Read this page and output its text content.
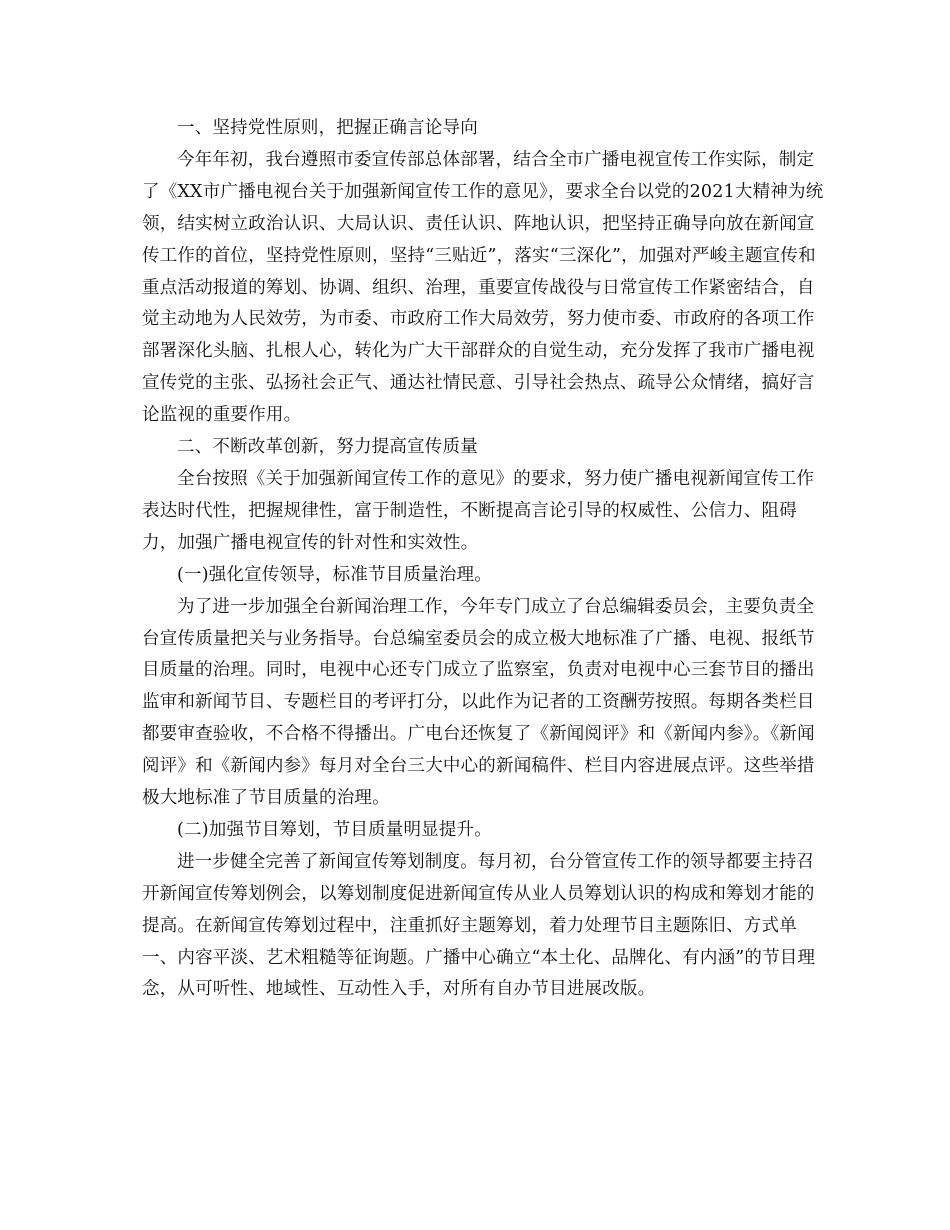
一、坚持党性原则，把握正确言论导向

今年年初，我台遵照市委宣传部总体部署，结合全市广播电视宣传工作实际，制定了《XX市广播电视台关于加强新闻宣传工作的意见》，要求全台以党的2021大精神为统领，结实树立政治认识、大局认识、责任认识、阵地认识，把坚持正确导向放在新闻宣传工作的首位，坚持党性原则，坚持“三贴近”，落实“三深化”，加强对严峻主题宣传和重点活动报道的筹划、协调、组织、治理，重要宣传战役与日常宣传工作紧密结合，自觉主动地为人民效劳，为市委、市政府工作大局效劳，努力使市委、市政府的各项工作部署深化头脑、扎根人心，转化为广大干部群众的自觉生动，充分发挥了我市广播电视宣传党的主张、弘扬社会正气、通达社情民意、引导社会热点、疏导公众情绪，搞好言论监视的重要作用。

二、不断改革创新，努力提高宣传质量

全台按照《关于加强新闻宣传工作的意见》的要求，努力使广播电视新闻宣传工作表达时代性，把握规律性，富于制造性，不断提高言论引导的权威性、公信力、阻碍力，加强广播电视宣传的针对性和实效性。

(一)强化宣传领导，标准节目质量治理。

为了进一步加强全台新闻治理工作，今年专门成立了台总编辑委员会，主要负责全台宣传质量把关与业务指导。台总编室委员会的成立极大地标准了广播、电视、报纸节目质量的治理。同时，电视中心还专门成立了监察室，负责对电视中心三套节目的播出监审和新闻节目、专题栏目的考评打分，以此作为记者的工资酬劳按照。每期各类栏目都要审查验收，不合格不得播出。广电台还恢复了《新闻阅评》和《新闻内参》。《新闻阅评》和《新闻内参》每月对全台三大中心的新闻稿件、栏目内容进展点评。这些举措极大地标准了节目质量的治理。

(二)加强节目筹划，节目质量明显提升。

进一步健全完善了新闻宣传筹划制度。每月初，台分管宣传工作的领导都要主持召开新闻宣传筹划例会，以筹划制度促进新闻宣传从业人员筹划认识的构成和筹划才能的提高。在新闻宣传筹划过程中，注重抓好主题筹划，着力处理节目主题陈旧、方式单一、内容平淡、艺术粗糙等征询题。广播中心确立“本土化、品牌化、有内涵”的节目理念，从可听性、地域性、互动性入手，对所有自办节目进展改版。
